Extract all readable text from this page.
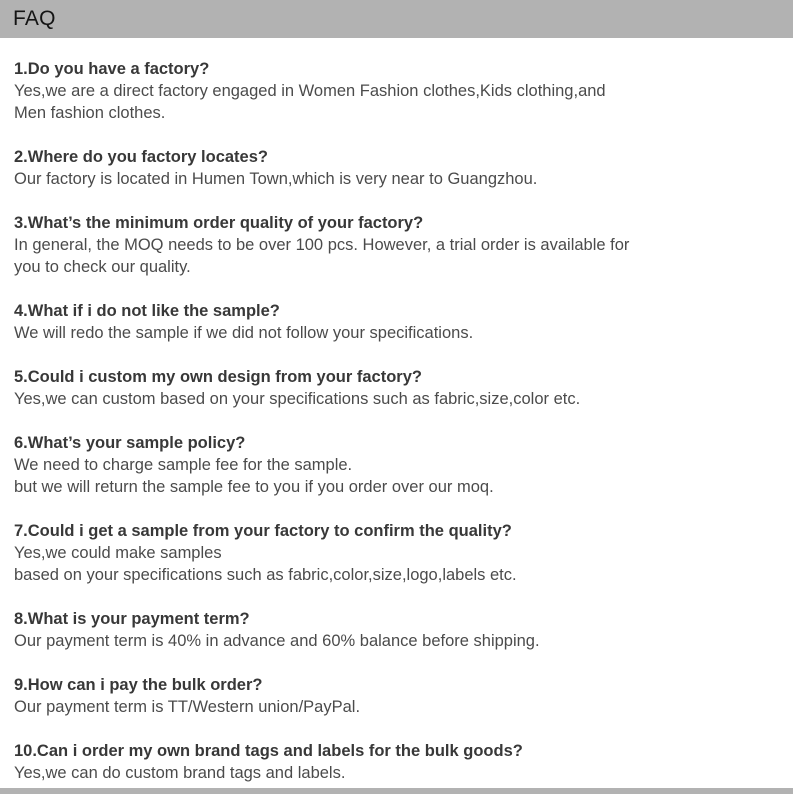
FAQ
1.Do you have a factory?
Yes,we are a direct factory engaged in Women Fashion clothes,Kids clothing,and
Men fashion clothes.
2.Where do you factory locates?
Our factory is located in Humen Town,which is very near to Guangzhou.
3.What’s the minimum order quality of your factory?
In general, the MOQ needs to be over 100 pcs. However, a trial order is available for
you to check our quality.
4.What if i do not like the sample?
We will redo the sample if we did not follow your specifications.
5.Could i custom my own design from your factory?
Yes,we can custom based on your specifications such as fabric,size,color etc.
6.What’s your sample policy?
We need to charge sample fee for the sample.
but we will return the sample fee to you if you order over our moq.
7.Could i get a sample from your factory to confirm the quality?
Yes,we could make samples
based on your specifications such as fabric,color,size,logo,labels etc.
8.What is your payment term?
Our payment term is 40% in advance and 60% balance before shipping.
9.How can i pay the bulk order?
Our payment term is TT/Western union/PayPal.
10.Can i order my own brand tags and labels for the bulk goods?
Yes,we can do custom brand tags and labels.
